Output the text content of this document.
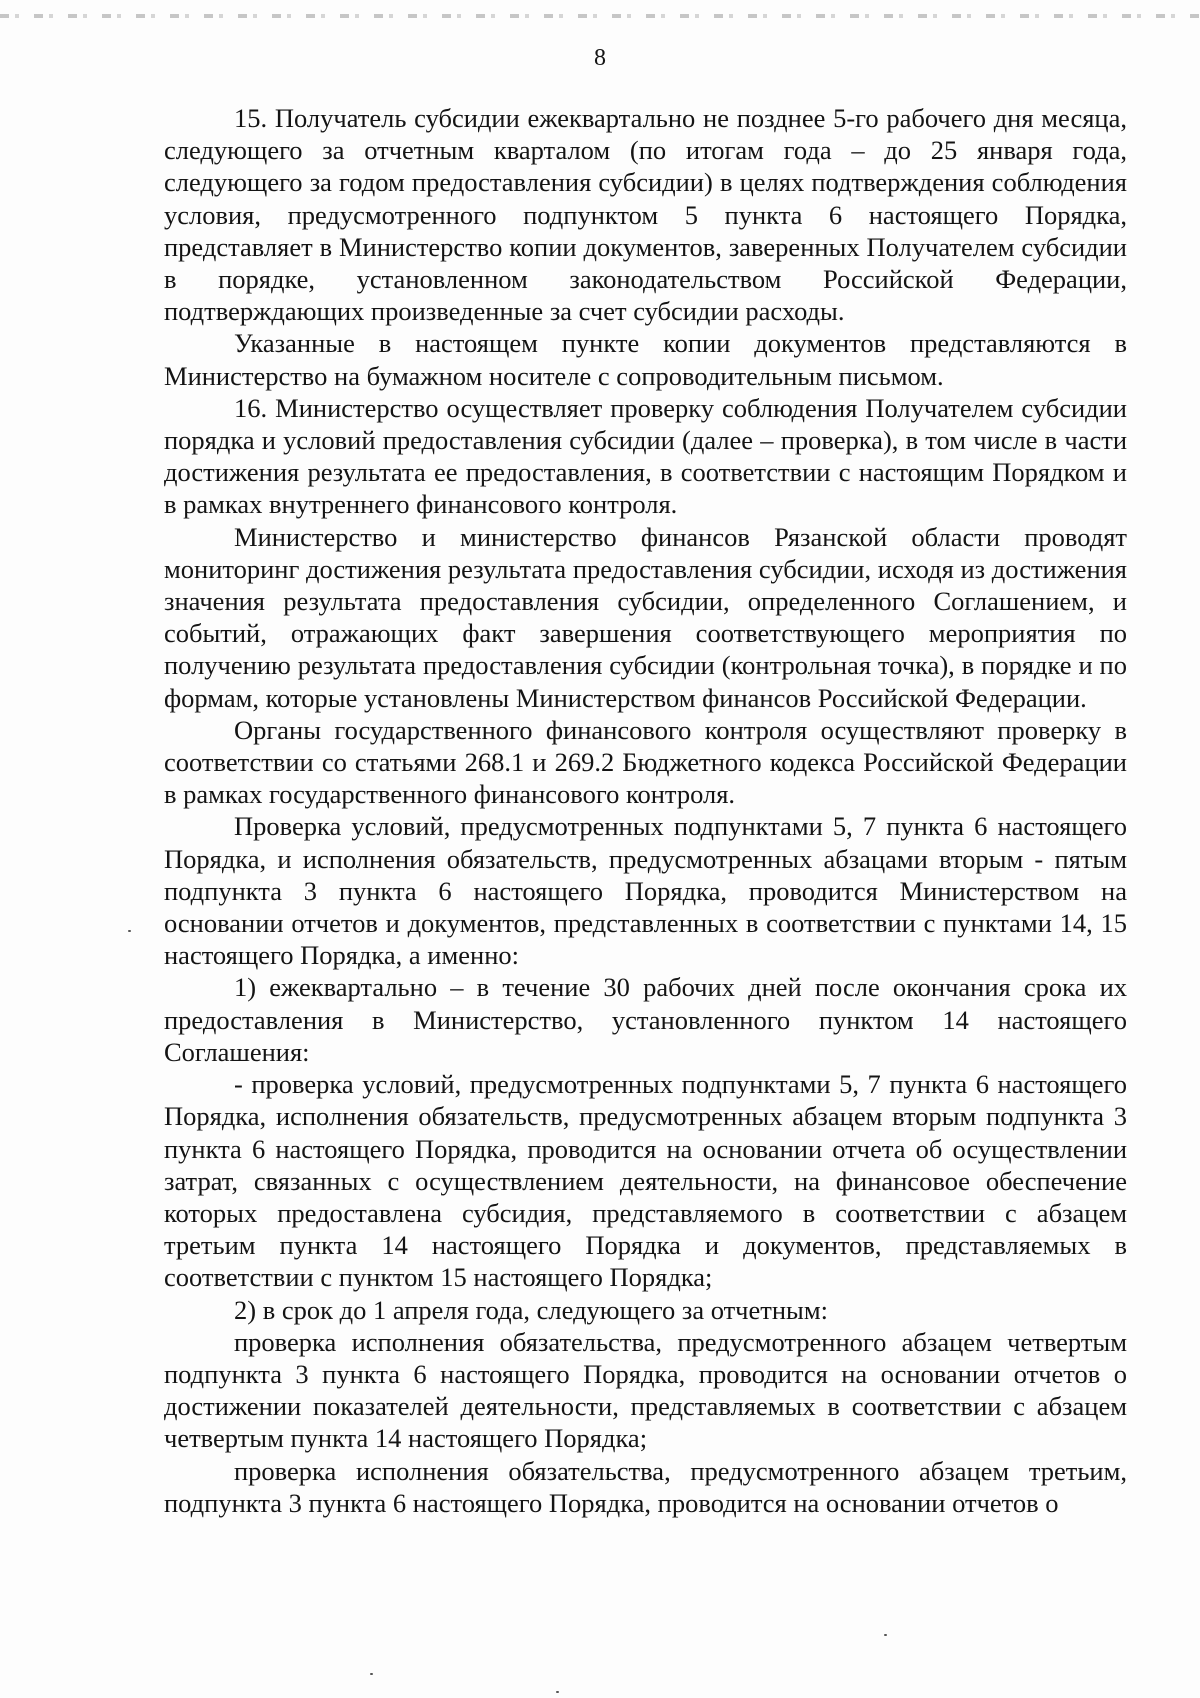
8

15. Получатель субсидии ежеквартально не позднее 5-го рабочего дня месяца, следующего за отчетным кварталом (по итогам года – до 25 января года, следующего за годом предоставления субсидии) в целях подтверждения соблюдения условия, предусмотренного подпунктом 5 пункта 6 настоящего Порядка, представляет в Министерство копии документов, заверенных Получателем субсидии в порядке, установленном законодательством Российской Федерации, подтверждающих произведенные за счет субсидии расходы.

Указанные в настоящем пункте копии документов представляются в Министерство на бумажном носителе с сопроводительным письмом.

16. Министерство осуществляет проверку соблюдения Получателем субсидии порядка и условий предоставления субсидии (далее – проверка), в том числе в части достижения результата ее предоставления, в соответствии с настоящим Порядком и в рамках внутреннего финансового контроля.

Министерство и министерство финансов Рязанской области проводят мониторинг достижения результата предоставления субсидии, исходя из достижения значения результата предоставления субсидии, определенного Соглашением, и событий, отражающих факт завершения соответствующего мероприятия по получению результата предоставления субсидии (контрольная точка), в порядке и по формам, которые установлены Министерством финансов Российской Федерации.

Органы государственного финансового контроля осуществляют проверку в соответствии со статьями 268.1 и 269.2 Бюджетного кодекса Российской Федерации в рамках государственного финансового контроля.

Проверка условий, предусмотренных подпунктами 5, 7 пункта 6 настоящего Порядка, и исполнения обязательств, предусмотренных абзацами вторым - пятым подпункта 3 пункта 6 настоящего Порядка, проводится Министерством на основании отчетов и документов, представленных в соответствии с пунктами 14, 15 настоящего Порядка, а именно:

1) ежеквартально – в течение 30 рабочих дней после окончания срока их предоставления в Министерство, установленного пунктом 14 настоящего Соглашения:

- проверка условий, предусмотренных подпунктами 5, 7 пункта 6 настоящего Порядка, исполнения обязательств, предусмотренных абзацем вторым подпункта 3 пункта 6 настоящего Порядка, проводится на основании отчета об осуществлении затрат, связанных с осуществлением деятельности, на финансовое обеспечение которых предоставлена субсидия, представляемого в соответствии с абзацем третьим пункта 14 настоящего Порядка и документов, представляемых в соответствии с пунктом 15 настоящего Порядка;

2) в срок до 1 апреля года, следующего за отчетным:

проверка исполнения обязательства, предусмотренного абзацем четвертым подпункта 3 пункта 6 настоящего Порядка, проводится на основании отчетов о достижении показателей деятельности, представляемых в соответствии с абзацем четвертым пункта 14 настоящего Порядка;

проверка исполнения обязательства, предусмотренного абзацем третьим, подпункта 3 пункта 6 настоящего Порядка, проводится на основании отчетов о
